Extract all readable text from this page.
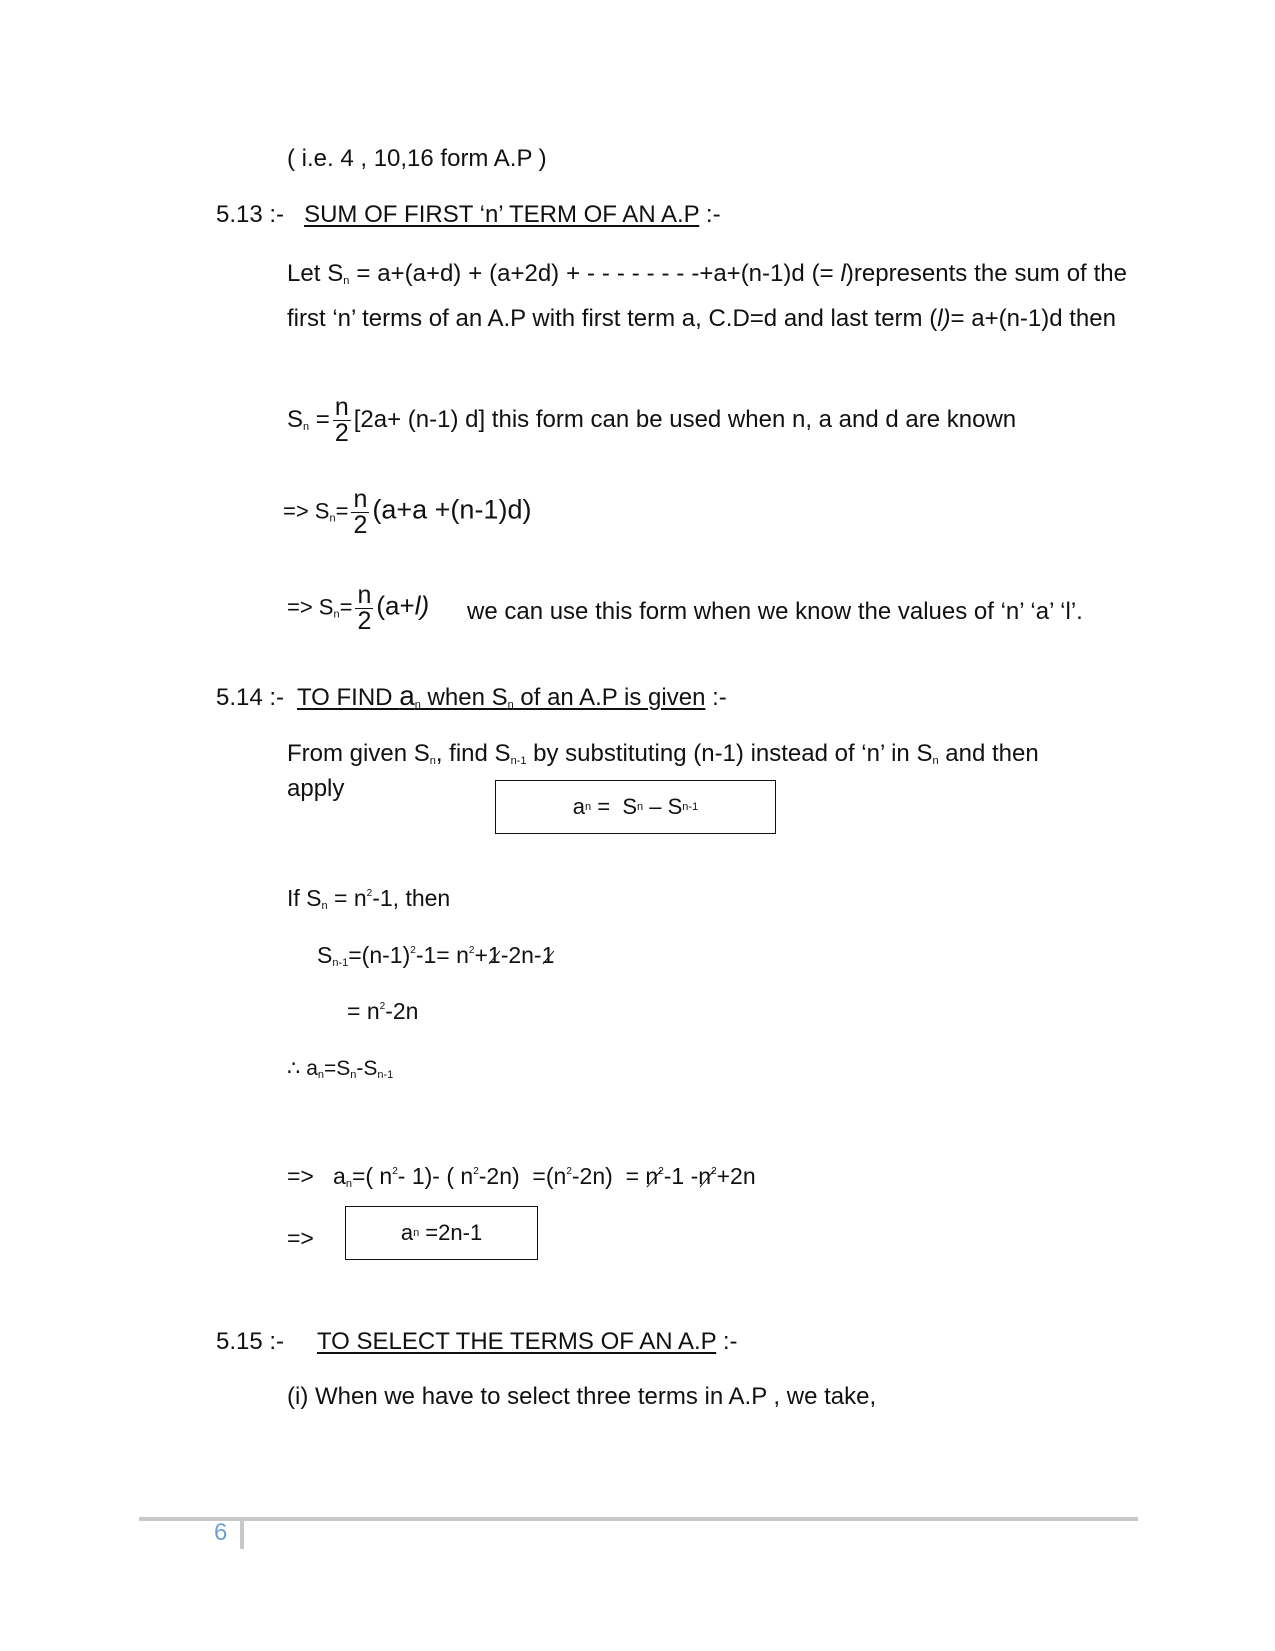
( i.e. 4 , 10,16 form A.P )
5.13 :- SUM OF FIRST ‘n’ TERM OF AN A.P :-
Let $S_n = a+(a+d) + (a+2d)$ + - - - - - - - -+a+(n-1)d (= l)represents the sum of the first ‘n’ terms of an A.P with first term a, C.D=d and last term (l)= a+(n-1)d then
$S_n = \frac{n}{2} [2a+ (n-1)$ d] this form can be used when n, a and d are known
=> $S_n= \frac{n}{2} (a+a +(n-1)d)$
=> $S_n= \frac{n}{2} (a+l)$ we can use this form when we know the values of ‘n’ ‘a’ ‘l’.
5.14 :- TO FIND $a_n$ when $S_n$ of an A.P is given :-
From given $S_n$, find $S_{n-1}$ by substituting (n-1) instead of ‘n’ in $S_n$ and then
apply
a n =  S n – S n-1
If $S_n = n^2-1$, then
$S_{n-1}=(n-1)^2-1= n^2+1-2n-1$
= $n^2-2n$
∴ $a_n=S_n-S_{n-1}$
=>   $a_n=$( $n^2-$ 1)- ( $n^2-2n) =(n^2-2n) = n^2-1$ $-n^2+2n$
=>	a n =2n-1
5.15 :- TO SELECT THE TERMS OF AN A.P :-
(i) When we have to select three terms in A.P , we take,
6
